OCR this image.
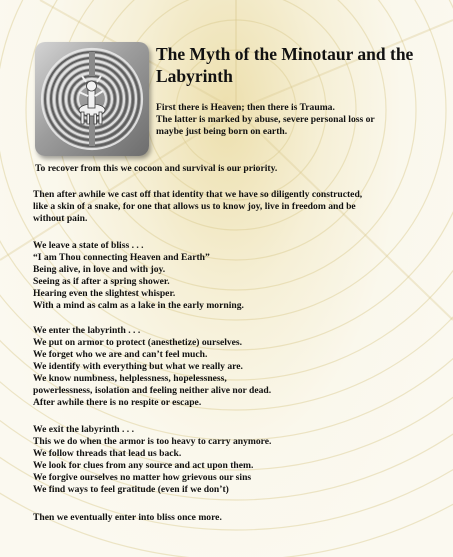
The Myth of the Minotaur and the Labyrinth
First there is Heaven; then there is Trauma.
The latter is marked by abuse, severe personal loss or
maybe just being born on earth.
To recover from this we cocoon and survival is our priority.
Then after awhile we cast off that identity that we have so diligently constructed,
like a skin of a snake, for one that allows us to know joy, live in freedom and be
without pain.
We leave a state of bliss . . .
“I am Thou connecting Heaven and Earth”
Being alive, in love and with joy.
Seeing as if after a spring shower.
Hearing even the slightest whisper.
With a mind as calm as a lake in the early morning.
We enter the labyrinth . . .
We put on armor to protect (anesthetize) ourselves.
We forget who we are and can’t feel much.
We identify with everything but what we really are.
We know numbness, helplessness, hopelessness,
powerlessness, isolation and feeling neither alive nor dead.
After awhile there is no respite or escape.
We exit the labyrinth . . .
This we do when the armor is too heavy to carry anymore.
We follow threads that lead us back.
We look for clues from any source and act upon them.
We forgive ourselves no matter how grievous our sins
We find ways to feel gratitude (even if we don’t)
Then we eventually enter into bliss once more.
